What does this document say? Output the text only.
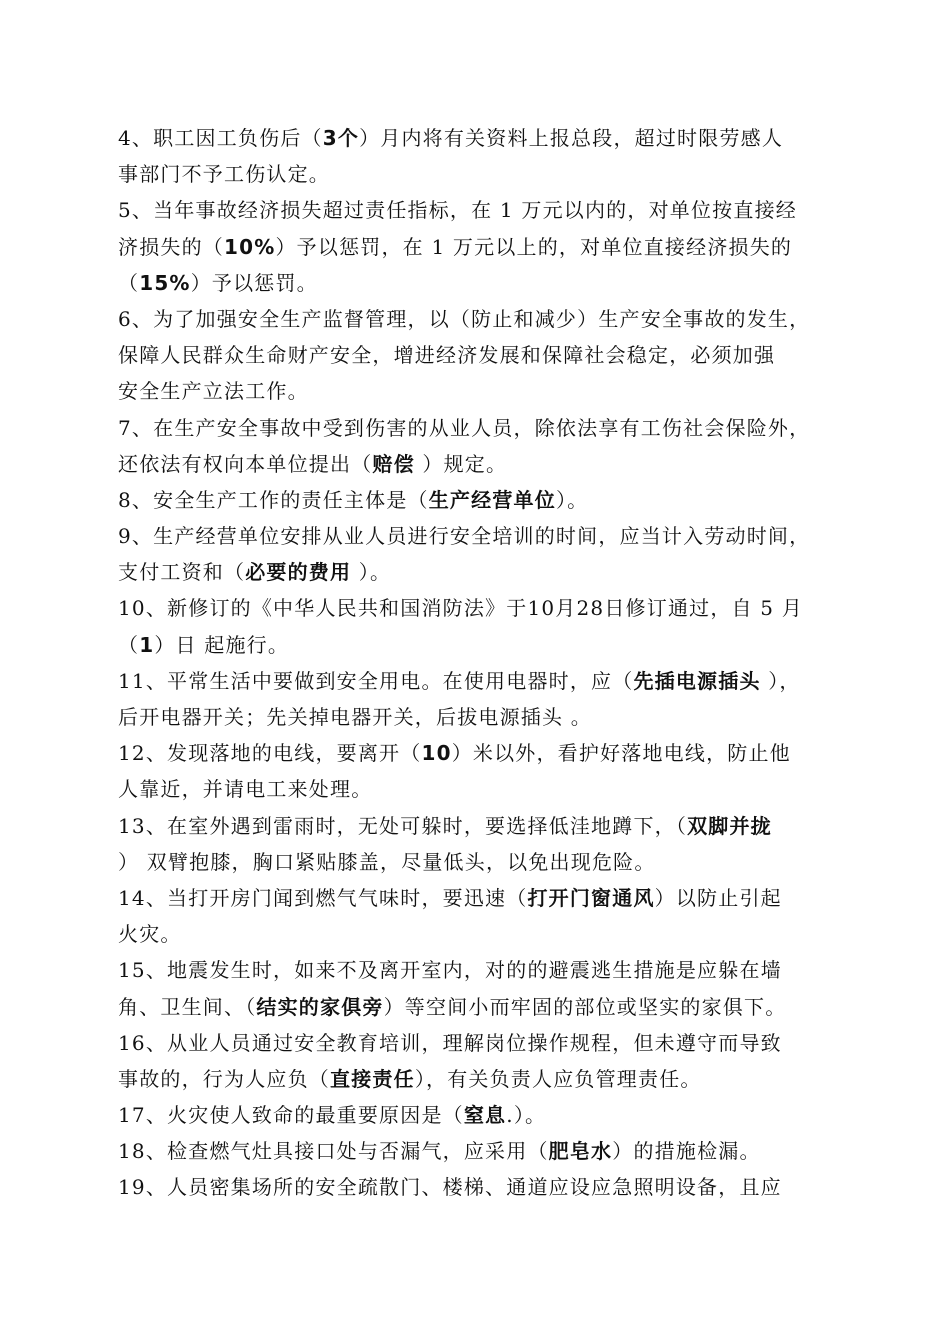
4、职工因工负伤后（3个）月内将有关资料上报总段，超过时限劳感人
事部门不予工伤认定。
5、当年事故经济损失超过责任指标，在 1 万元以内的，对单位按直接经
济损失的（10%）予以惩罚，在 1 万元以上的，对单位直接经济损失的
（15%）予以惩罚。
6、为了加强安全生产监督管理，以（防止和减少）生产安全事故的发生，
保障人民群众生命财产安全，增进经济发展和保障社会稳定，必须加强
安全生产立法工作。
7、在生产安全事故中受到伤害的从业人员，除依法享有工伤社会保险外，
还依法有权向本单位提出（赔偿 ）规定。
8、安全生产工作的责任主体是（生产经营单位）。
9、生产经营单位安排从业人员进行安全培训的时间，应当计入劳动时间，
支付工资和（必要的费用 ）。
10、新修订的《中华人民共和国消防法》于10月28日修订通过，自 5 月
（1）日 起施行。
11、平常生活中要做到安全用电。在使用电器时，应（先插电源插头 ），
后开电器开关；先关掉电器开关，后拔电源插头 。
12、发现落地的电线，要离开（10）米以外，看护好落地电线，防止他
人靠近，并请电工来处理。
13、在室外遇到雷雨时，无处可躲时，要选择低洼地蹲下，（双脚并拢
） 双臂抱膝，胸口紧贴膝盖，尽量低头，以免出现危险。
14、当打开房门闻到燃气气味时，要迅速（打开门窗通风）以防止引起
火灾。
15、地震发生时，如来不及离开室内，对的的避震逃生措施是应躲在墙
角、卫生间、（结实的家俱旁）等空间小而牢固的部位或坚实的家俱下。
16、从业人员通过安全教育培训，理解岗位操作规程，但未遵守而导致
事故的，行为人应负（直接责任），有关负责人应负管理责任。
17、火灾使人致命的最重要原因是（窒息.）。
18、检查燃气灶具接口处与否漏气，应采用（肥皂水）的措施检漏。
19、人员密集场所的安全疏散门、楼梯、通道应设应急照明设备，且应
